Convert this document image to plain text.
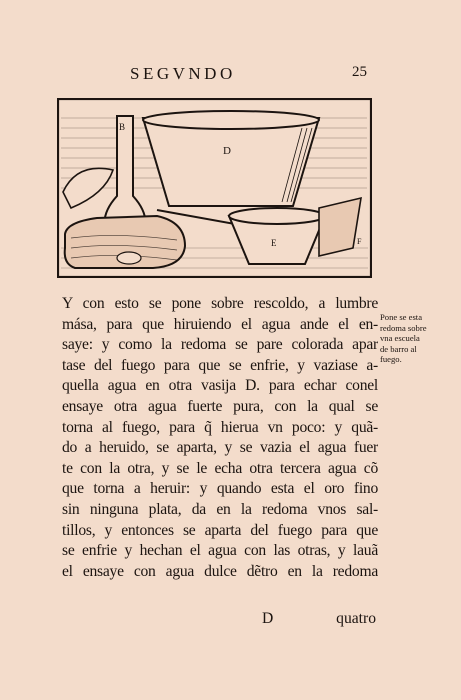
SEGVNDO	25
D
B
E	F
Y con esto se pone sobre rescoldo, a lumbre
mása, para que hiruiendo el agua ande el en-
saye: y como la redoma se pare colorada apar
tase del fuego para que se enfrie, y vaziase a-
quella agua en otra vasija D. para echar conel
ensaye otra agua fuerte pura, con la qual se
torna al fuego, para q̃ hierua vn poco: y quã-
do a heruido, se aparta, y se vazia el agua fuer
te con la otra, y se le echa otra tercera agua cõ
que torna a heruir: y quando esta el oro fino
sin ninguna plata, da en la redoma vnos sal-
tillos, y entonces se aparta del fuego para que
se enfrie y hechan el agua con las otras, y lauã
el ensaye con agua dulce dẽtro en la redoma
D	quatro
Pone se esta
redoma sobre
vna escuela
de barro al
fuego.
